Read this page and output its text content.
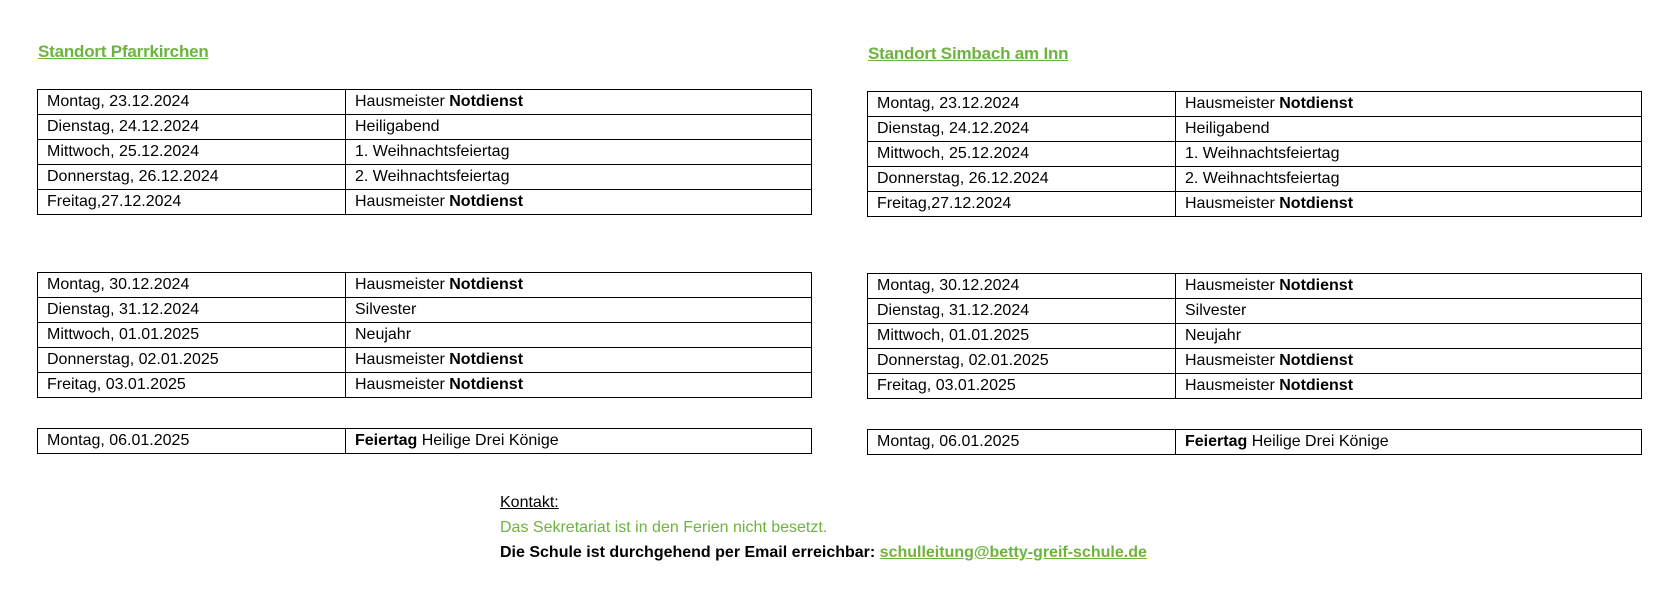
Standort Pfarrkirchen	Standort Simbach am Inn
Montag, 23.12.2024	Hausmeister Notdienst
Dienstag, 24.12.2024	Heiligabend
Mittwoch, 25.12.2024	1. Weihnachtsfeiertag
Donnerstag, 26.12.2024	2. Weihnachtsfeiertag
Freitag,27.12.2024	Hausmeister Notdienst
Montag, 30.12.2024	Hausmeister Notdienst
Dienstag, 31.12.2024	Silvester
Mittwoch, 01.01.2025	Neujahr
Donnerstag, 02.01.2025	Hausmeister Notdienst
Freitag, 03.01.2025	Hausmeister Notdienst
Montag, 06.01.2025	Feiertag Heilige Drei Könige
Montag, 23.12.2024	Hausmeister Notdienst
Dienstag, 24.12.2024	Heiligabend
Mittwoch, 25.12.2024	1. Weihnachtsfeiertag
Donnerstag, 26.12.2024	2. Weihnachtsfeiertag
Freitag,27.12.2024	Hausmeister Notdienst
Montag, 30.12.2024	Hausmeister Notdienst
Dienstag, 31.12.2024	Silvester
Mittwoch, 01.01.2025	Neujahr
Donnerstag, 02.01.2025	Hausmeister Notdienst
Freitag, 03.01.2025	Hausmeister Notdienst
Montag, 06.01.2025	Feiertag Heilige Drei Könige
Kontakt:
Das Sekretariat ist in den Ferien nicht besetzt.
Die Schule ist durchgehend per Email erreichbar: schulleitung@betty-greif-schule.de
